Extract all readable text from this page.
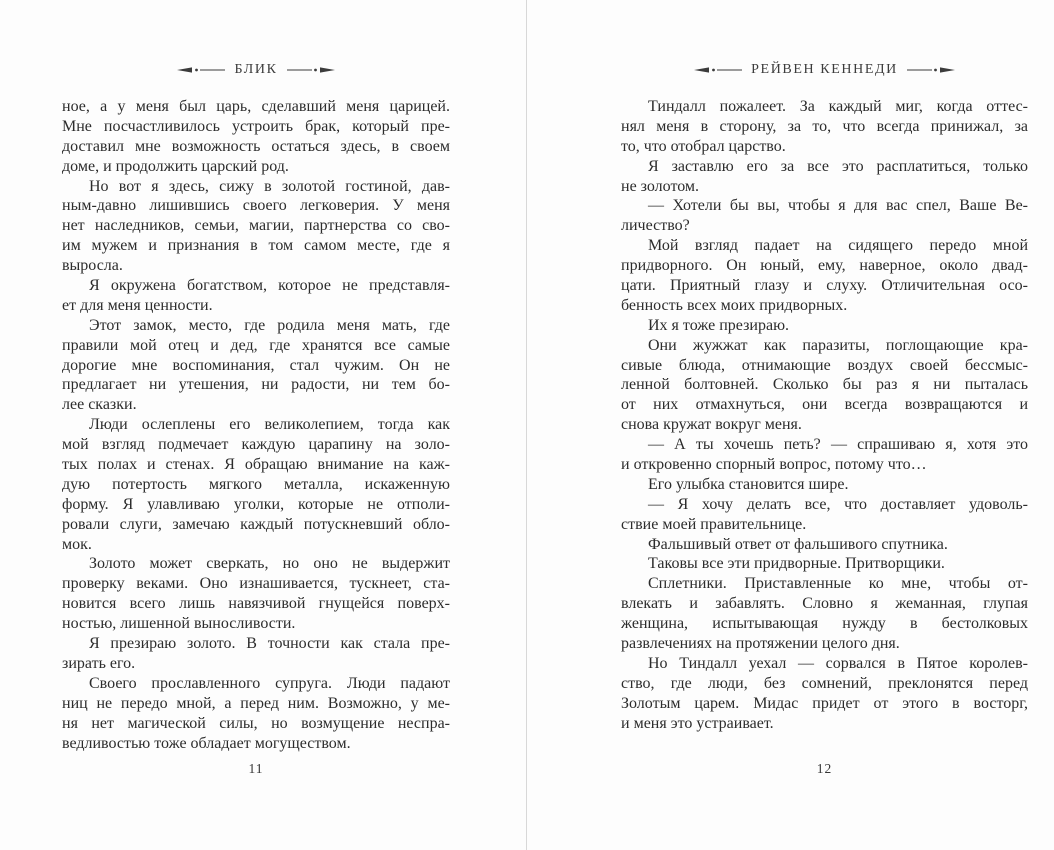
БЛИК
ное, а у меня был царь, сделавший меня царицей.
Мне посчастливилось устроить брак, который пре-
доставил мне возможность остаться здесь, в своем
доме, и продолжить царский род.
Но вот я здесь, сижу в золотой гостиной, дав-
ным-давно лишившись своего легковерия. У меня
нет наследников, семьи, магии, партнерства со сво-
им мужем и признания в том самом месте, где я
выросла.
Я окружена богатством, которое не представля-
ет для меня ценности.
Этот замок, место, где родила меня мать, где
правили мой отец и дед, где хранятся все самые
дорогие мне воспоминания, стал чужим. Он не
предлагает ни утешения, ни радости, ни тем бо-
лее сказки.
Люди ослеплены его великолепием, тогда как
мой взгляд подмечает каждую царапину на золо-
тых полах и стенах. Я обращаю внимание на каж-
дую потертость мягкого металла, искаженную
форму. Я улавливаю уголки, которые не отполи-
ровали слуги, замечаю каждый потускневший обло-
мок.
Золото может сверкать, но оно не выдержит
проверку веками. Оно изнашивается, тускнеет, ста-
новится всего лишь навязчивой гнущейся поверх-
ностью, лишенной выносливости.
Я презираю золото. В точности как стала пре-
зирать его.
Своего прославленного супруга. Люди падают
ниц не передо мной, а перед ним. Возможно, у ме-
ня нет магической силы, но возмущение неспра-
ведливостью тоже обладает могуществом.
11
РЕЙВЕН КЕННЕДИ
Тиндалл пожалеет. За каждый миг, когда оттес-
нял меня в сторону, за то, что всегда принижал, за
то, что отобрал царство.
Я заставлю его за все это расплатиться, только
не золотом.
— Хотели бы вы, чтобы я для вас спел, Ваше Ве-
личество?
Мой взгляд падает на сидящего передо мной
придворного. Он юный, ему, наверное, около двад-
цати. Приятный глазу и слуху. Отличительная осо-
бенность всех моих придворных.
Их я тоже презираю.
Они жужжат как паразиты, поглощающие кра-
сивые блюда, отнимающие воздух своей бессмыс-
ленной болтовней. Сколько бы раз я ни пыталась
от них отмахнуться, они всегда возвращаются и
снова кружат вокруг меня.
— А ты хочешь петь? — спрашиваю я, хотя это
и откровенно спорный вопрос, потому что…
Его улыбка становится шире.
— Я хочу делать все, что доставляет удоволь-
ствие моей правительнице.
Фальшивый ответ от фальшивого спутника.
Таковы все эти придворные. Притворщики.
Сплетники. Приставленные ко мне, чтобы от-
влекать и забавлять. Словно я жеманная, глупая
женщина, испытывающая нужду в бестолковых
развлечениях на протяжении целого дня.
Но Тиндалл уехал — сорвался в Пятое королев-
ство, где люди, без сомнений, преклонятся перед
Золотым царем. Мидас придет от этого в восторг,
и меня это устраивает.
12
